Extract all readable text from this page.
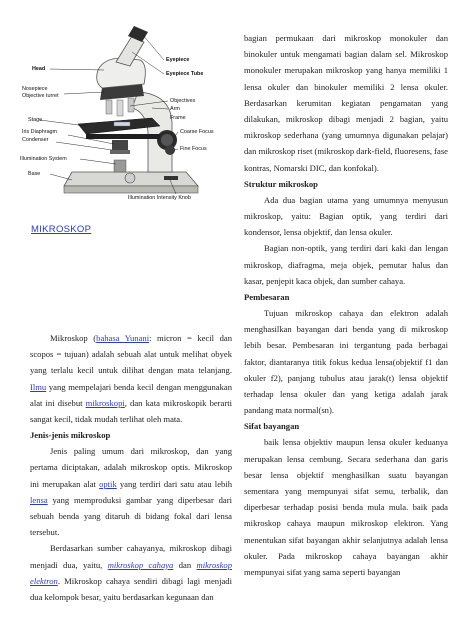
Eyepiece
Eyepiece Tube
Head
Nosepiece
Objective turret
Objectives
Arm
Frame
Stage
Iris Diaphragm
Condenser
Coarse Focus
Fine Focus
Illumination System
Base
Illumination Intensity Knob
MIKROSKOP

Mikroskop (bahasa Yunani: micron = kecil dan scopos = tujuan) adalah sebuah alat untuk melihat obyek yang terlalu kecil untuk dilihat dengan mata telanjang. Ilmu yang mempelajari benda kecil dengan menggunakan alat ini disebut mikroskopi, dan kata mikroskopik berarti sangat kecil, tidak mudah terlihat oleh mata.

Jenis-jenis mikroskop

Jenis paling umum dari mikroskop, dan yang pertama diciptakan, adalah mikroskop optis. Mikroskop ini merupakan alat optik yang terdiri dari satu atau lebih lensa yang memproduksi gambar yang diperbesar dari sebuah benda yang ditaruh di bidang fokal dari lensa tersebut.

Berdasarkan sumber cahayanya, mikroskop dibagi menjadi dua, yaitu, mikroskop cahaya dan mikroskop elektron. Mikroskop cahaya sendiri dibagi lagi menjadi dua kelompok besar, yaitu berdasarkan kegunaan dan

bagian permukaan dari mikroskop monokuler dan binokuler untuk mengamati bagian dalam sel. Mikroskop monokuler merupakan mikroskop yang hanya memiliki 1 lensa okuler dan binokuler memiliki 2 lensa okuler. Berdasarkan kerumitan kegiatan pengamatan yang dilakukan, mikroskop dibagi menjadi 2 bagian, yaitu mikroskop sederhana (yang umumnya digunakan pelajar) dan mikroskop riset (mikroskop dark-field, fluoresens, fase kontras, Nomarski DIC, dan konfokal).

Struktur mikroskop

Ada dua bagian utama yang umumnya menyusun mikroskop, yaitu: Bagian optik, yang terdiri dari kondensor, lensa objektif, dan lensa okuler.

Bagian non-optik, yang terdiri dari kaki dan lengan mikroskop, diafragma, meja objek, pemutar halus dan kasar, penjepit kaca objek, dan sumber cahaya.

Pembesaran

Tujuan mikroskop cahaya dan elektron adalah menghasilkan bayangan dari benda yang di mikroskop lebih besar. Pembesaran ini tergantung pada berbagai faktor, diantaranya titik fokus kedua lensa(objektif f1 dan okuler f2), panjang tubulus atau jarak(t) lensa objektif terhadap lensa okuler dan yang ketiga adalah jarak pandang mata normal(sn).

Sifat bayangan

baik lensa objektiv maupun lensa okuler keduanya merupakan lensa cembung. Secara sederhana dan garis besar lensa objektif menghasilkan suatu bayangan sementara yang mempunyai sifat semu, terbalik, dan diperbesar terhadap posisi benda mula mula. baik pada mikroskop cahaya maupun mikroskop elektron. Yang menentukan sifat bayangan akhir selanjutnya adalah lensa okuler. Pada mikroskop cahaya bayangan akhir mempunyai sifat yang sama seperti bayangan
